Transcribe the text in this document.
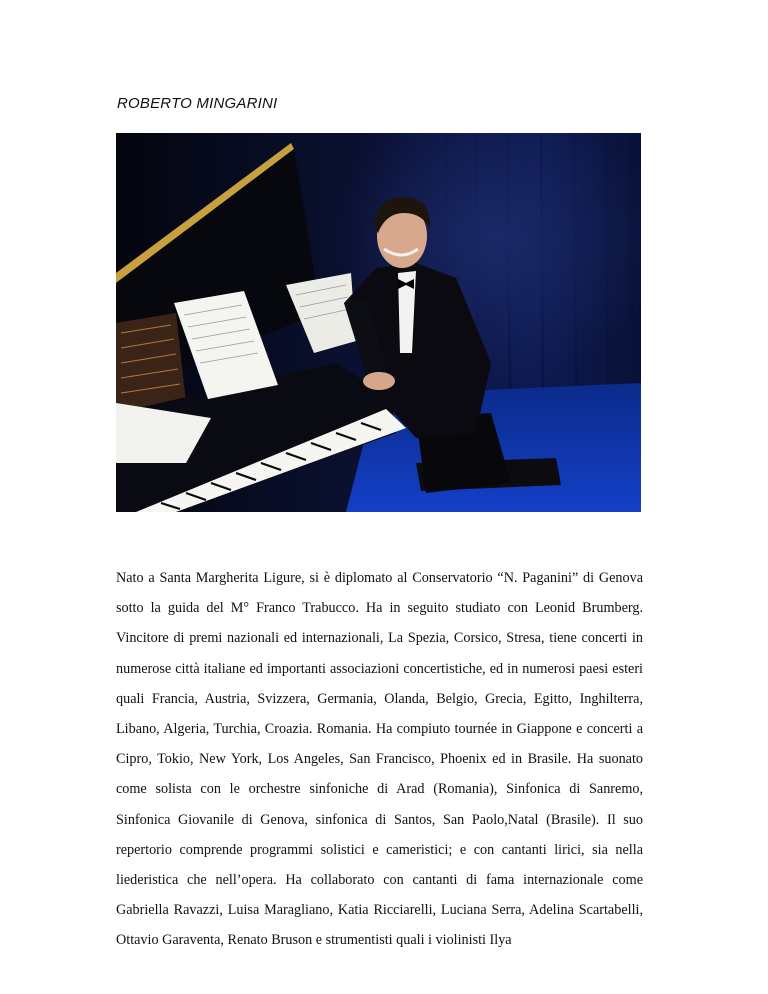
ROBERTO MINGARINI

Nato a Santa Margherita Ligure, si è diplomato al Conservatorio “N. Paganini” di Genova sotto la guida del M° Franco Trabucco. Ha in seguito studiato con Leonid Brumberg. Vincitore di premi nazionali ed internazionali, La Spezia, Corsico, Stresa, tiene concerti in numerose città italiane ed importanti associazioni concertistiche, ed in numerosi paesi esteri quali Francia, Austria, Svizzera, Germania, Olanda, Belgio, Grecia, Egitto, Inghilterra, Libano, Algeria, Turchia, Croazia. Romania. Ha compiuto tournée in Giappone e concerti a Cipro, Tokio, New York, Los Angeles, San Francisco, Phoenix ed in Brasile. Ha suonato come solista con le orchestre sinfoniche di Arad (Romania), Sinfonica di Sanremo, Sinfonica Giovanile di Genova, sinfonica di Santos, San Paolo,Natal (Brasile). Il suo repertorio comprende programmi solistici e cameristici; e con cantanti lirici, sia nella liederistica che nell’opera. Ha collaborato con cantanti di fama internazionale come Gabriella Ravazzi, Luisa Maragliano, Katia Ricciarelli, Luciana Serra, Adelina Scartabelli, Ottavio Garaventa, Renato Bruson e strumentisti quali i violinisti Ilya
